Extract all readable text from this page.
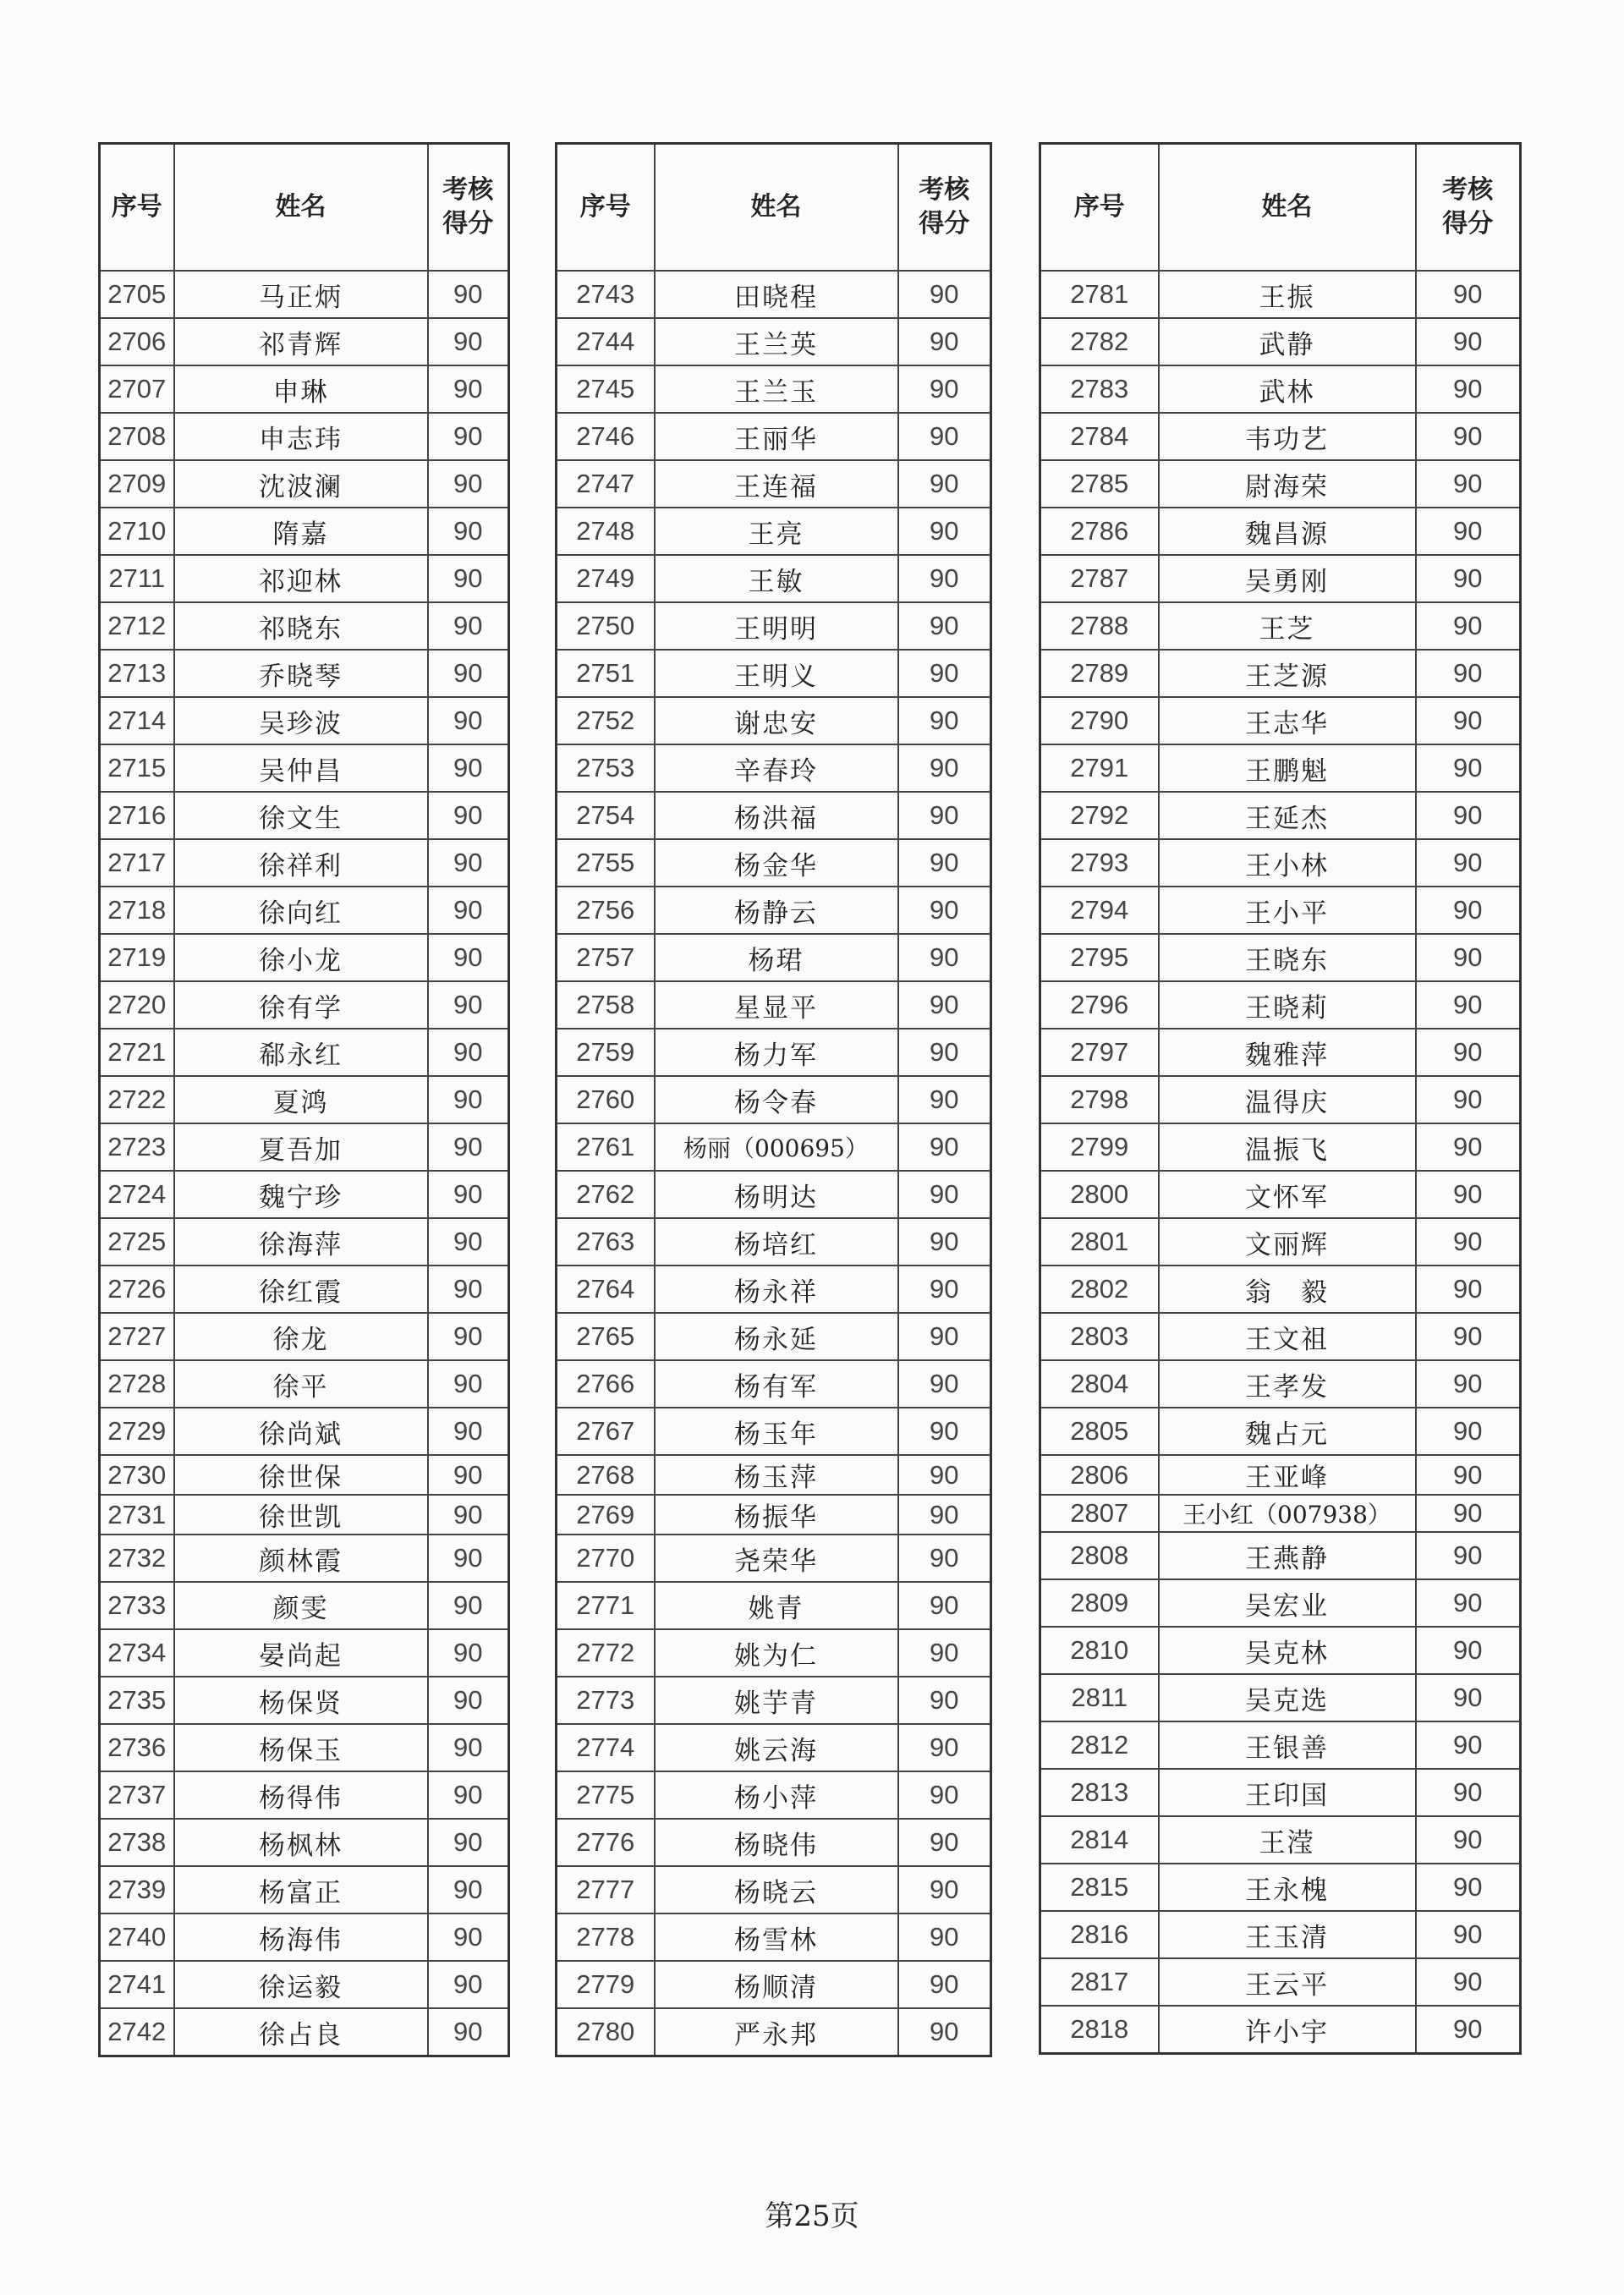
序号	姓名	考核
得分
2705	马正炳	90
2706	祁青辉	90
2707	申琳	90
2708	申志玮	90
2709	沈波澜	90
2710	隋嘉	90
2711	祁迎林	90
2712	祁晓东	90
2713	乔晓琴	90
2714	吴珍波	90
2715	吴仲昌	90
2716	徐文生	90
2717	徐祥利	90
2718	徐向红	90
2719	徐小龙	90
2720	徐有学	90
2721	郗永红	90
2722	夏鸿	90
2723	夏吾加	90
2724	魏宁珍	90
2725	徐海萍	90
2726	徐红霞	90
2727	徐龙	90
2728	徐平	90
2729	徐尚斌	90
2730	徐世保	90
2731	徐世凯	90
2732	颜林霞	90
2733	颜雯	90
2734	晏尚起	90
2735	杨保贤	90
2736	杨保玉	90
2737	杨得伟	90
2738	杨枫林	90
2739	杨富正	90
2740	杨海伟	90
2741	徐运毅	90
2742	徐占良	90
序号	姓名	考核
得分
2743	田晓程	90
2744	王兰英	90
2745	王兰玉	90
2746	王丽华	90
2747	王连福	90
2748	王亮	90
2749	王敏	90
2750	王明明	90
2751	王明义	90
2752	谢忠安	90
2753	辛春玲	90
2754	杨洪福	90
2755	杨金华	90
2756	杨静云	90
2757	杨珺	90
2758	星显平	90
2759	杨力军	90
2760	杨令春	90
2761	杨丽（000695）	90
2762	杨明达	90
2763	杨培红	90
2764	杨永祥	90
2765	杨永延	90
2766	杨有军	90
2767	杨玉年	90
2768	杨玉萍	90
2769	杨振华	90
2770	尧荣华	90
2771	姚青	90
2772	姚为仁	90
2773	姚芋青	90
2774	姚云海	90
2775	杨小萍	90
2776	杨晓伟	90
2777	杨晓云	90
2778	杨雪林	90
2779	杨顺清	90
2780	严永邦	90
序号	姓名	考核
得分
2781	王振	90
2782	武静	90
2783	武林	90
2784	韦功艺	90
2785	尉海荣	90
2786	魏昌源	90
2787	吴勇刚	90
2788	王芝	90
2789	王芝源	90
2790	王志华	90
2791	王鹏魁	90
2792	王延杰	90
2793	王小林	90
2794	王小平	90
2795	王晓东	90
2796	王晓莉	90
2797	魏雅萍	90
2798	温得庆	90
2799	温振飞	90
2800	文怀军	90
2801	文丽辉	90
2802	翁　毅	90
2803	王文祖	90
2804	王孝发	90
2805	魏占元	90
2806	王亚峰	90
2807	王小红（007938）	90
2808	王燕静	90
2809	吴宏业	90
2810	吴克林	90
2811	吴克选	90
2812	王银善	90
2813	王印国	90
2814	王滢	90
2815	王永槐	90
2816	王玉清	90
2817	王云平	90
2818	许小宇	90
第25页
